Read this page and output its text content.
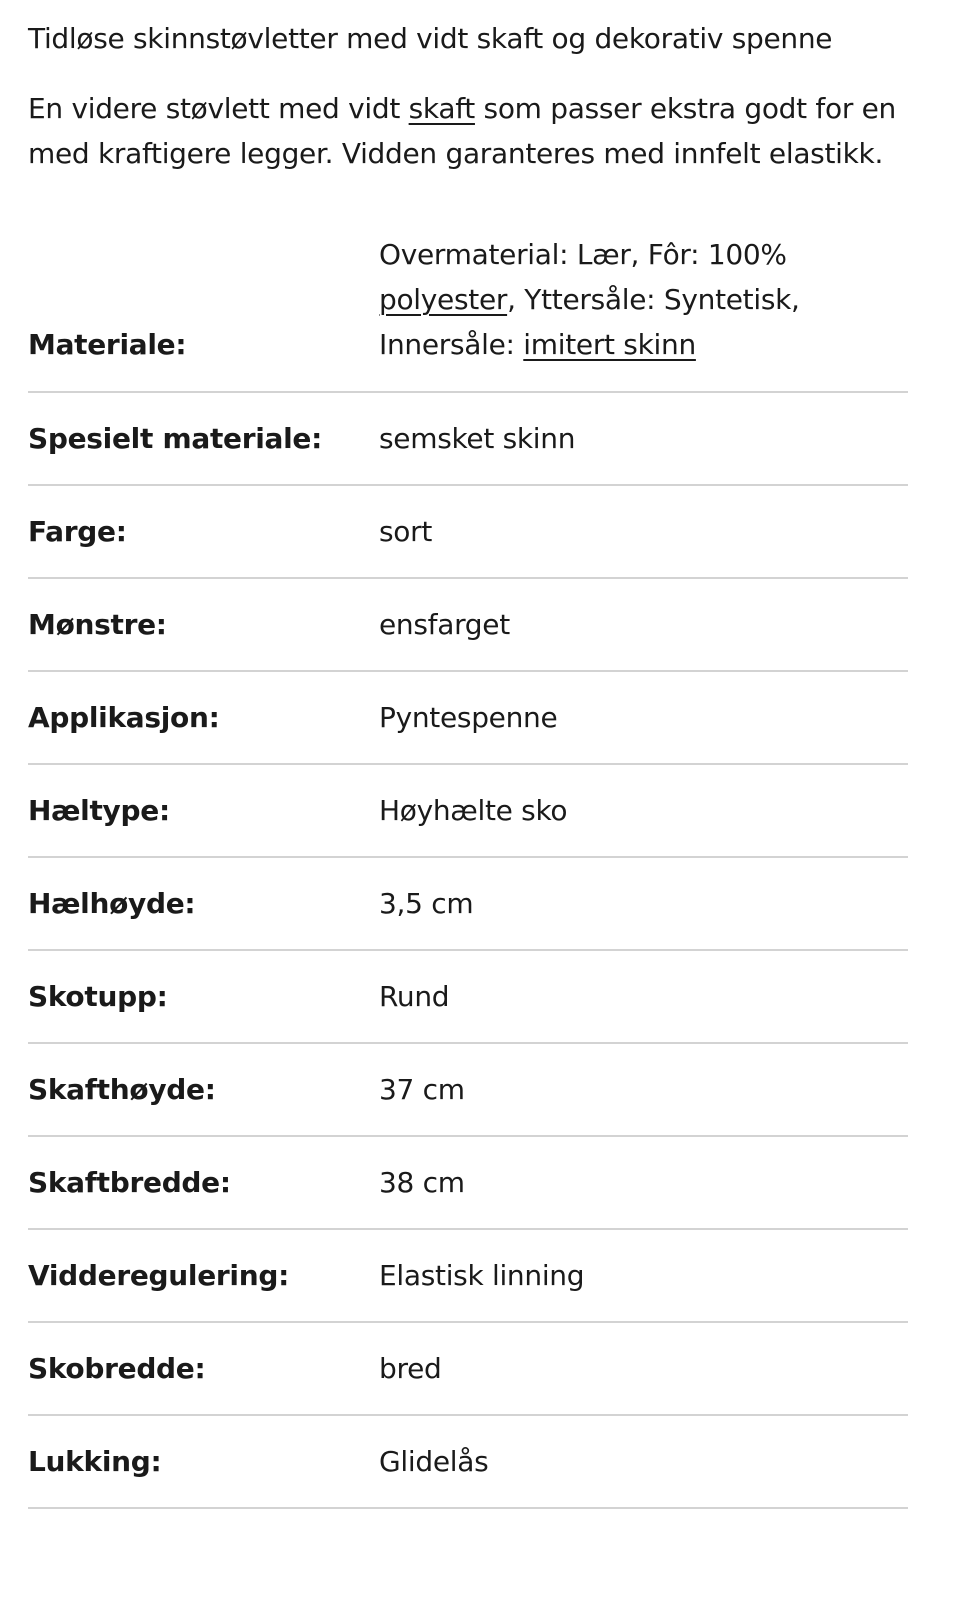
Tidløse skinnstøvletter med vidt skaft og dekorativ spenne

En videre støvlett med vidt skaft som passer ekstra godt for en med kraftigere legger. Vidden garanteres med innfelt elastikk.

Materiale:	Overmaterial: Lær, Fôr: 100% polyester, Yttersåle: Syntetisk, Innersåle: imitert skinn
Spesielt materiale:	semsket skinn
Farge:	sort
Mønstre:	ensfarget
Applikasjon:	Pyntespenne
Hæltype:	Høyhælte sko
Hælhøyde:	3,5 cm
Skotupp:	Rund
Skafthøyde:	37 cm
Skaftbredde:	38 cm
Vidderegulering:	Elastisk linning
Skobredde:	bred
Lukking:	Glidelås
